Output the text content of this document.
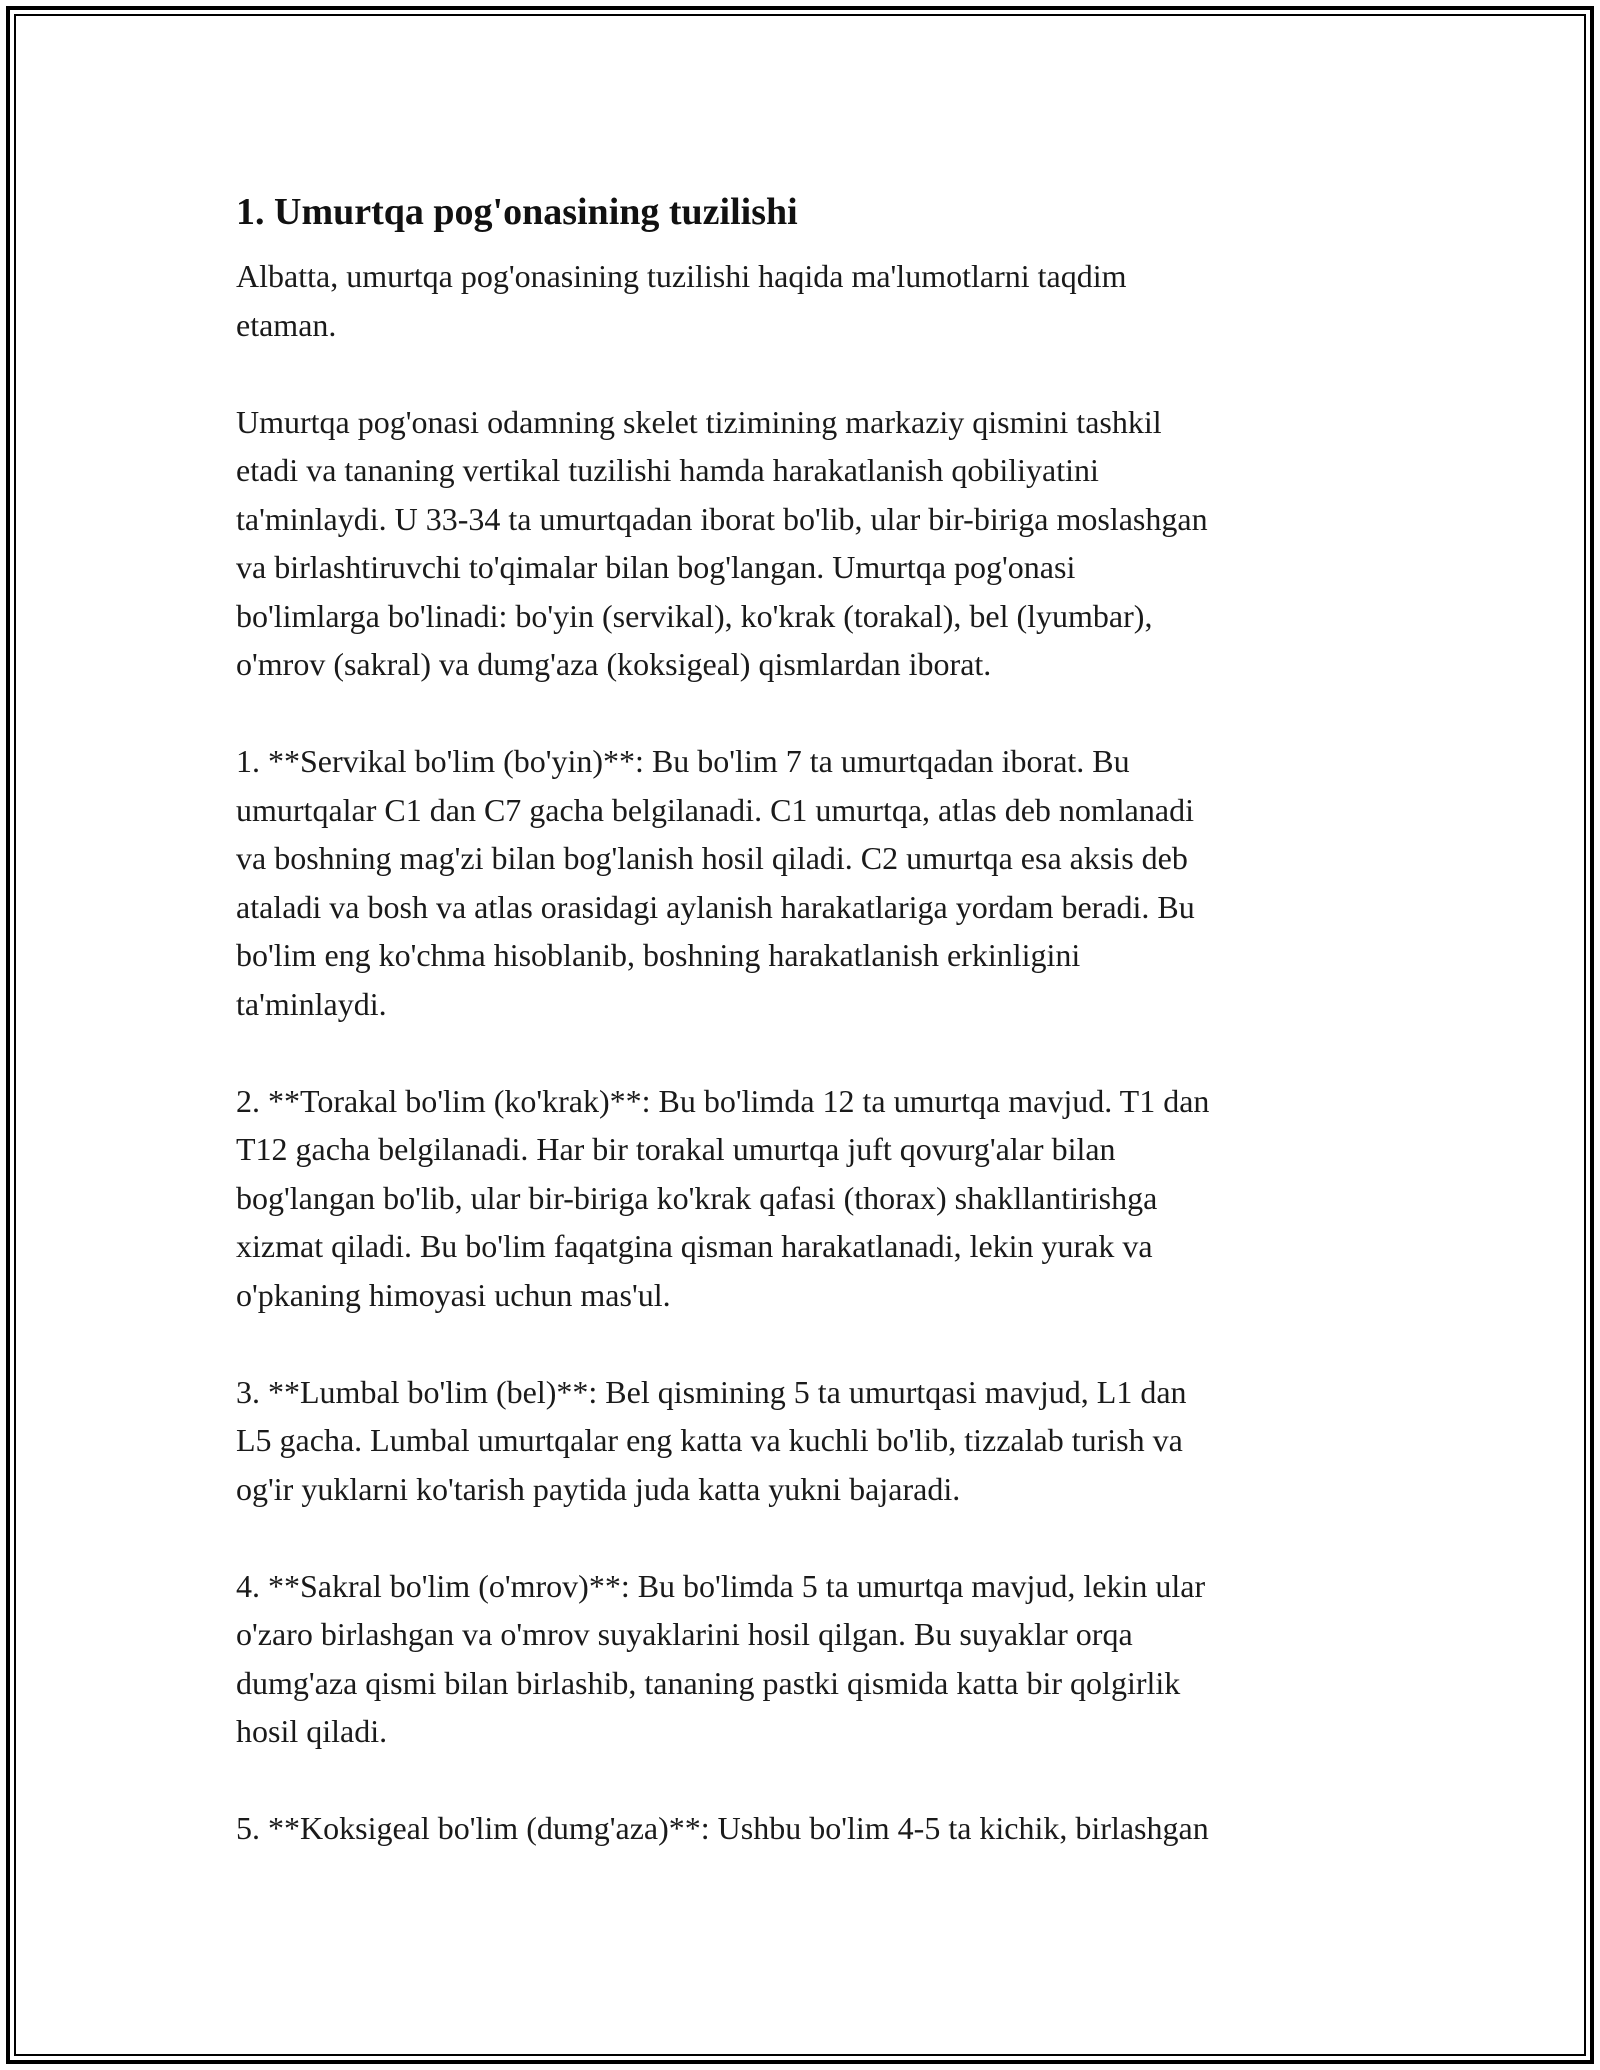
1. Umurtqa pog'onasining tuzilishi

Albatta, umurtqa pog'onasining tuzilishi haqida ma'lumotlarni taqdim
etaman.

Umurtqa pog'onasi odamning skelet tizimining markaziy qismini tashkil
etadi va tananing vertikal tuzilishi hamda harakatlanish qobiliyatini
ta'minlaydi. U 33-34 ta umurtqadan iborat bo'lib, ular bir-biriga moslashgan
va birlashtiruvchi to'qimalar bilan bog'langan. Umurtqa pog'onasi
bo'limlarga bo'linadi: bo'yin (servikal), ko'krak (torakal), bel (lyumbar),
o'mrov (sakral) va dumg'aza (koksigeal) qismlardan iborat.

1. **Servikal bo'lim (bo'yin)**: Bu bo'lim 7 ta umurtqadan iborat. Bu
umurtqalar C1 dan C7 gacha belgilanadi. C1 umurtqa, atlas deb nomlanadi
va boshning mag'zi bilan bog'lanish hosil qiladi. C2 umurtqa esa aksis deb
ataladi va bosh va atlas orasidagi aylanish harakatlariga yordam beradi. Bu
bo'lim eng ko'chma hisoblanib, boshning harakatlanish erkinligini
ta'minlaydi.

2. **Torakal bo'lim (ko'krak)**: Bu bo'limda 12 ta umurtqa mavjud. T1 dan
T12 gacha belgilanadi. Har bir torakal umurtqa juft qovurg'alar bilan
bog'langan bo'lib, ular bir-biriga ko'krak qafasi (thorax) shakllantirishga
xizmat qiladi. Bu bo'lim faqatgina qisman harakatlanadi, lekin yurak va
o'pkaning himoyasi uchun mas'ul.

3. **Lumbal bo'lim (bel)**: Bel qismining 5 ta umurtqasi mavjud, L1 dan
L5 gacha. Lumbal umurtqalar eng katta va kuchli bo'lib, tizzalab turish va
og'ir yuklarni ko'tarish paytida juda katta yukni bajaradi.

4. **Sakral bo'lim (o'mrov)**: Bu bo'limda 5 ta umurtqa mavjud, lekin ular
o'zaro birlashgan va o'mrov suyaklarini hosil qilgan. Bu suyaklar orqa
dumg'aza qismi bilan birlashib, tananing pastki qismida katta bir qolgirlik
hosil qiladi.

5. **Koksigeal bo'lim (dumg'aza)**: Ushbu bo'lim 4-5 ta kichik, birlashgan
